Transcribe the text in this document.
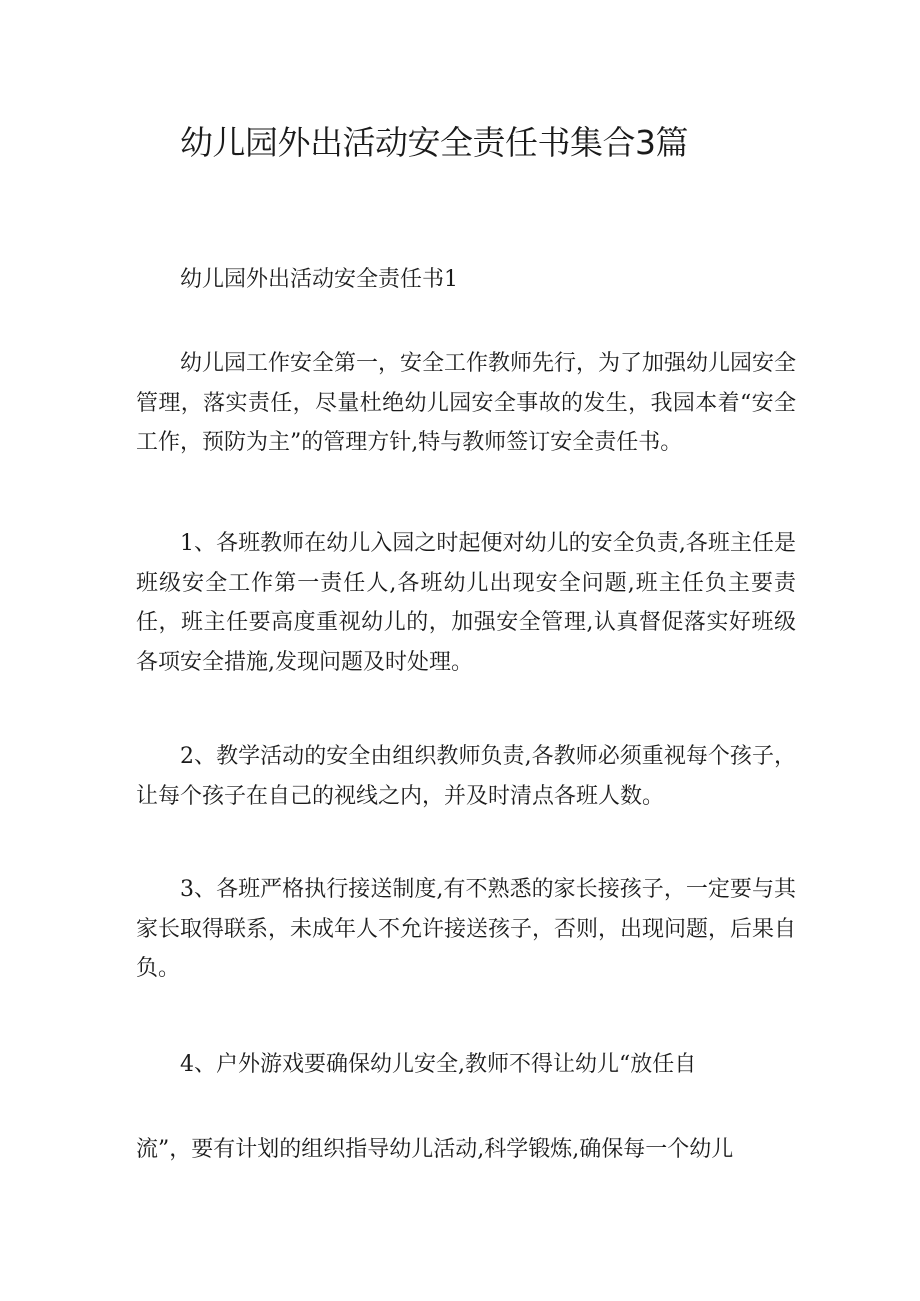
幼儿园外出活动安全责任书集合3篇
幼儿园外出活动安全责任书1

幼儿园工作安全第一，安全工作教师先行，为了加强幼儿园安全管理，落实责任，尽量杜绝幼儿园安全事故的发生，我园本着“安全工作，预防为主”的管理方针,特与教师签订安全责任书。

1、各班教师在幼儿入园之时起便对幼儿的安全负责,各班主任是班级安全工作第一责任人,各班幼儿出现安全问题,班主任负主要责任，班主任要高度重视幼儿的，加强安全管理,认真督促落实好班级各项安全措施,发现问题及时处理。

2、教学活动的安全由组织教师负责,各教师必须重视每个孩子，让每个孩子在自己的视线之内，并及时清点各班人数。

3、各班严格执行接送制度,有不熟悉的家长接孩子，一定要与其家长取得联系，未成年人不允许接送孩子，否则，出现问题，后果自负。

4、户外游戏要确保幼儿安全,教师不得让幼儿“放任自

流”，要有计划的组织指导幼儿活动,科学锻炼,确保每一个幼儿
